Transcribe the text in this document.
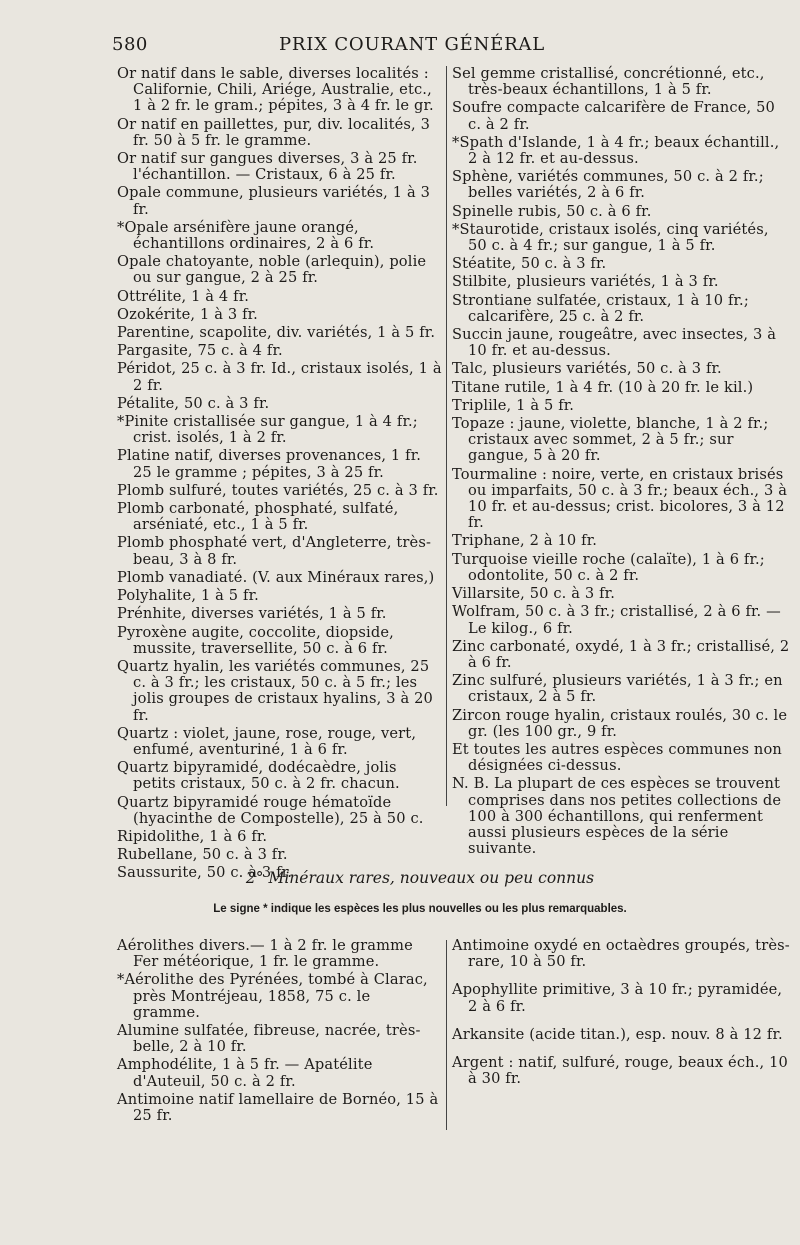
580	PRIX COURANT GÉNÉRAL

Or natif dans le sable, diverses localités : Californie, Chili, Ariége, Australie, etc., 1 à 2 fr. le gram.; pépites, 3 à 4 fr. le gr.

Or natif en paillettes, pur, div. localités, 3 fr. 50 à 5 fr. le gramme.

Or natif sur gangues diverses, 3 à 25 fr. l'échantillon. — Cristaux, 6 à 25 fr.

Opale commune, plusieurs variétés, 1 à 3 fr.

*Opale arsénifère jaune orangé, échantillons ordinaires, 2 à 6 fr.

Opale chatoyante, noble (arlequin), polie ou sur gangue, 2 à 25 fr.

Ottrélite, 1 à 4 fr.

Ozokérite, 1 à 3 fr.

Parentine, scapolite, div. variétés, 1 à 5 fr.

Pargasite, 75 c. à 4 fr.

Péridot, 25 c. à 3 fr. Id., cristaux isolés, 1 à 2 fr.

Pétalite, 50 c. à 3 fr.

*Pinite cristallisée sur gangue, 1 à 4 fr.; crist. isolés, 1 à 2 fr.

Platine natif, diverses provenances, 1 fr. 25 le gramme ; pépites, 3 à 25 fr.

Plomb sulfuré, toutes variétés, 25 c. à 3 fr.

Plomb carbonaté, phosphaté, sulfaté, arséniaté, etc., 1 à 5 fr.

Plomb phosphaté vert, d'Angleterre, très-beau, 3 à 8 fr.

Plomb vanadiaté. (V. aux Minéraux rares,)

Polyhalite, 1 à 5 fr.

Prénhite, diverses variétés, 1 à 5 fr.

Pyroxène augite, coccolite, diopside, mussite, traversellite, 50 c. à 6 fr.

Quartz hyalin, les variétés communes, 25 c. à 3 fr.; les cristaux, 50 c. à 5 fr.; les jolis groupes de cristaux hyalins, 3 à 20 fr.

Quartz : violet, jaune, rose, rouge, vert, enfumé, aventuriné, 1 à 6 fr.

Quartz bipyramidé, dodécaèdre, jolis petits cristaux, 50 c. à 2 fr. chacun.

Quartz bipyramidé rouge hématoïde (hyacinthe de Compostelle), 25 à 50 c.

Ripidolithe, 1 à 6 fr.

Rubellane, 50 c. à 3 fr.

Saussurite, 50 c. à 3 fr.

Sel gemme cristallisé, concrétionné, etc., très-beaux échantillons, 1 à 5 fr.

Soufre compacte calcarifère de France, 50 c. à 2 fr.

*Spath d'Islande, 1 à 4 fr.; beaux échantill., 2 à 12 fr. et au-dessus.

Sphène, variétés communes, 50 c. à 2 fr.; belles variétés, 2 à 6 fr.

Spinelle rubis, 50 c. à 6 fr.

*Staurotide, cristaux isolés, cinq variétés, 50 c. à 4 fr.; sur gangue, 1 à 5 fr.

Stéatite, 50 c. à 3 fr.

Stilbite, plusieurs variétés, 1 à 3 fr.

Strontiane sulfatée, cristaux, 1 à 10 fr.; calcarifère, 25 c. à 2 fr.

Succin jaune, rougeâtre, avec insectes, 3 à 10 fr. et au-dessus.

Talc, plusieurs variétés, 50 c. à 3 fr.

Titane rutile, 1 à 4 fr. (10 à 20 fr. le kil.)

Triplile, 1 à 5 fr.

Topaze : jaune, violette, blanche, 1 à 2 fr.; cristaux avec sommet, 2 à 5 fr.; sur gangue, 5 à 20 fr.

Tourmaline : noire, verte, en cristaux brisés ou imparfaits, 50 c. à 3 fr.; beaux éch., 3 à 10 fr. et au-dessus; crist. bicolores, 3 à 12 fr.

Triphane, 2 à 10 fr.

Turquoise vieille roche (calaïte), 1 à 6 fr.; odontolite, 50 c. à 2 fr.

Villarsite, 50 c. à 3 fr.

Wolfram, 50 c. à 3 fr.; cristallisé, 2 à 6 fr. — Le kilog., 6 fr.

Zinc carbonaté, oxydé, 1 à 3 fr.; cristallisé, 2 à 6 fr.

Zinc sulfuré, plusieurs variétés, 1 à 3 fr.; en cristaux, 2 à 5 fr.

Zircon rouge hyalin, cristaux roulés, 30 c. le gr. (les 100 gr., 9 fr.

Et toutes les autres espèces communes non désignées ci-dessus.

N. B. La plupart de ces espèces se trouvent comprises dans nos petites collections de 100 à 300 échantillons, qui renferment aussi plusieurs espèces de la série suivante.

2° Minéraux rares, nouveaux ou peu connus
Le signe * indique les espèces les plus nouvelles ou les plus remarquables.

Aérolithes divers.— 1 à 2 fr. le gramme Fer météorique, 1 fr. le gramme.

*Aérolithe des Pyrénées, tombé à Clarac, près Montréjeau, 1858, 75 c. le gramme.

Alumine sulfatée, fibreuse, nacrée, très-belle, 2 à 10 fr.

Amphodélite, 1 à 5 fr. — Apatélite d'Auteuil, 50 c. à 2 fr.

Antimoine natif lamellaire de Bornéo, 15 à 25 fr.

Antimoine oxydé en octaèdres groupés, très-rare, 10 à 50 fr.

Apophyllite primitive, 3 à 10 fr.; pyramidée, 2 à 6 fr.

Arkansite (acide titan.), esp. nouv. 8 à 12 fr.

Argent : natif, sulfuré, rouge, beaux éch., 10 à 30 fr.
